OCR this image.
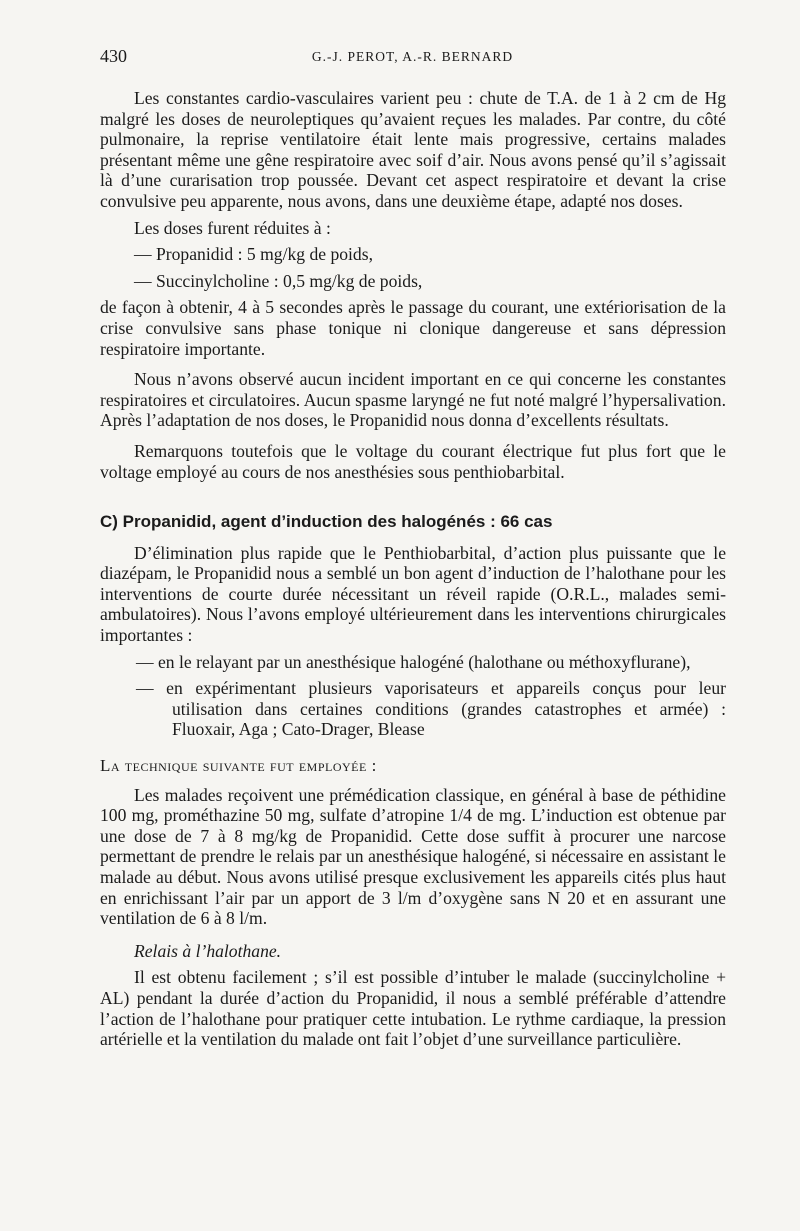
430	G.-J. PEROT, A.-R. BERNARD

Les constantes cardio-vasculaires varient peu : chute de T.A. de 1 à 2 cm de Hg malgré les doses de neuroleptiques qu’avaient reçues les malades. Par contre, du côté pulmonaire, la reprise ventilatoire était lente mais progressive, certains malades présentant même une gêne respiratoire avec soif d’air. Nous avons pensé qu’il s’agissait là d’une curarisation trop poussée. Devant cet aspect respiratoire et devant la crise convulsive peu apparente, nous avons, dans une deuxième étape, adapté nos doses.

Les doses furent réduites à :

— Propanidid : 5 mg/kg de poids,

— Succinylcholine : 0,5 mg/kg de poids,

de façon à obtenir, 4 à 5 secondes après le passage du courant, une extériorisation de la crise convulsive sans phase tonique ni clonique dangereuse et sans dépression respiratoire importante.

Nous n’avons observé aucun incident important en ce qui concerne les constantes respiratoires et circulatoires. Aucun spasme laryngé ne fut noté malgré l’hypersalivation. Après l’adaptation de nos doses, le Propanidid nous donna d’excellents résultats.

Remarquons toutefois que le voltage du courant électrique fut plus fort que le voltage employé au cours de nos anesthésies sous penthiobarbital.

C) Propanidid, agent d’induction des halogénés : 66 cas

D’élimination plus rapide que le Penthiobarbital, d’action plus puissante que le diazépam, le Propanidid nous a semblé un bon agent d’induction de l’halothane pour les interventions de courte durée nécessitant un réveil rapide (O.R.L., malades semi-ambulatoires). Nous l’avons employé ultérieurement dans les interventions chirurgicales importantes :

— en le relayant par un anesthésique halogéné (halothane ou méthoxyflurane),

— en expérimentant plusieurs vaporisateurs et appareils conçus pour leur utilisation dans certaines conditions (grandes catastrophes et armée) : Fluoxair, Aga ; Cato-Drager, Blease

La technique suivante fut employée :

Les malades reçoivent une prémédication classique, en général à base de péthidine 100 mg, prométhazine 50 mg, sulfate d’atropine 1/4 de mg. L’induction est obtenue par une dose de 7 à 8 mg/kg de Propanidid. Cette dose suffit à procurer une narcose permettant de prendre le relais par un anesthésique halogéné, si nécessaire en assistant le malade au début. Nous avons utilisé presque exclusivement les appareils cités plus haut en enrichissant l’air par un apport de 3 l/m d’oxygène sans N 20 et en assurant une ventilation de 6 à 8 l/m.

Relais à l’halothane.

Il est obtenu facilement ; s’il est possible d’intuber le malade (succinylcholine + AL) pendant la durée d’action du Propanidid, il nous a semblé préférable d’attendre l’action de l’halothane pour pratiquer cette intubation. Le rythme cardiaque, la pression artérielle et la ventilation du malade ont fait l’objet d’une surveillance particulière.
